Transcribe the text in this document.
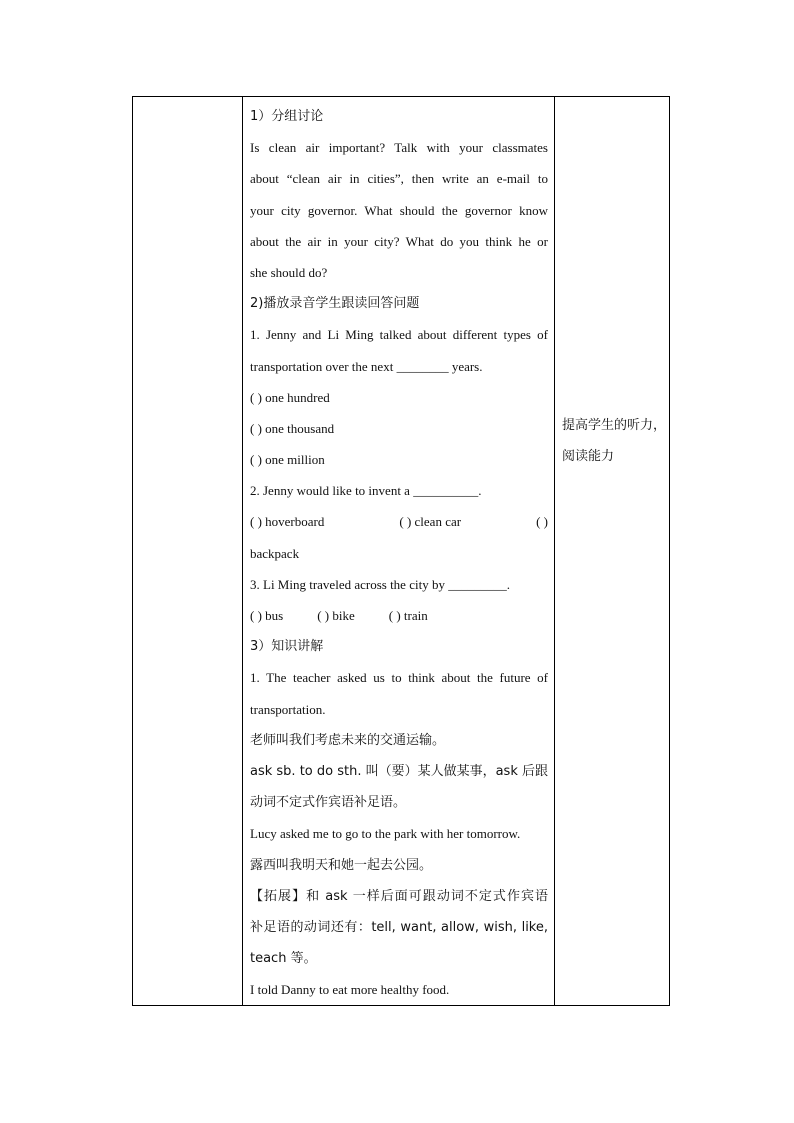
1）分组讨论
Is clean air important? Talk with your classmates
about “clean air in cities”, then write an e-mail to
your city governor. What should the governor know
about the air in your city? What do you think he or
she should do?
2)播放录音学生跟读回答问题
1. Jenny and Li Ming talked about different types of
transportation over the next ________ years.
( ) one hundred
( ) one thousand
( ) one million
2. Jenny would like to invent a __________.
( ) hoverboard	( ) clean car	( )
backpack
3. Li Ming traveled across the city by _________.
( ) bus	( ) bike	( ) train
3）知识讲解
1. The teacher asked us to think about the future of
transportation.
老师叫我们考虑未来的交通运输。
ask sb. to do sth. 叫（要）某人做某事，ask 后跟
动词不定式作宾语补足语。
Lucy asked me to go to the park with her tomorrow.
露西叫我明天和她一起去公园。
【拓展】和 ask 一样后面可跟动词不定式作宾语
补足语的动词还有：tell, want, allow, wish, like,
teach 等。
I told Danny to eat more healthy food.

提高学生的听力，
阅读能力
